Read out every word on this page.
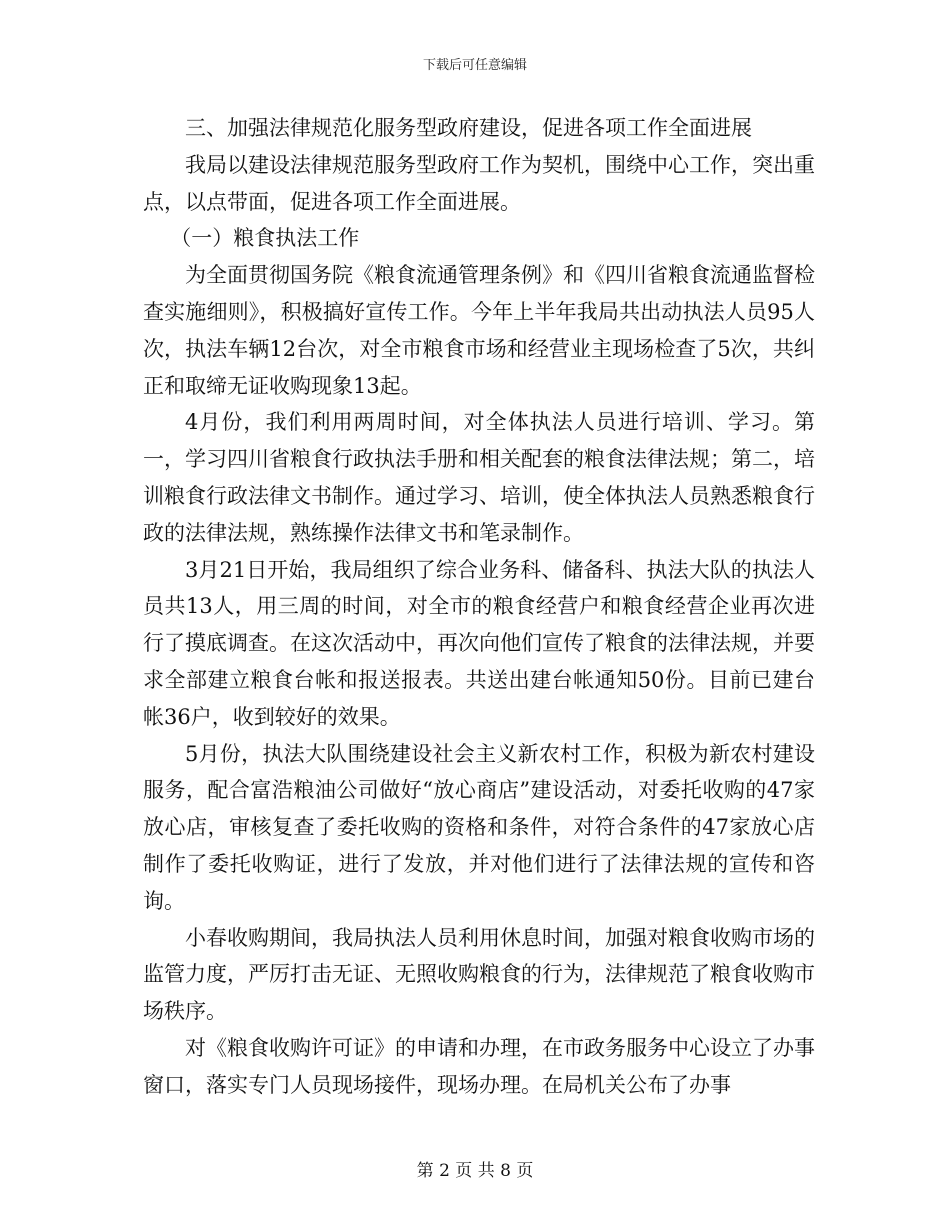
下载后可任意编辑

三、加强法律规范化服务型政府建设，促进各项工作全面进展

我局以建设法律规范服务型政府工作为契机，围绕中心工作，突出重点，以点带面，促进各项工作全面进展。

（一）粮食执法工作

为全面贯彻国务院《粮食流通管理条例》和《四川省粮食流通监督检查实施细则》，积极搞好宣传工作。今年上半年我局共出动执法人员95人次，执法车辆12台次，对全市粮食市场和经营业主现场检查了5次，共纠正和取缔无证收购现象13起。

4月份，我们利用两周时间，对全体执法人员进行培训、学习。第一，学习四川省粮食行政执法手册和相关配套的粮食法律法规；第二，培训粮食行政法律文书制作。通过学习、培训，使全体执法人员熟悉粮食行政的法律法规，熟练操作法律文书和笔录制作。

3月21日开始，我局组织了综合业务科、储备科、执法大队的执法人员共13人，用三周的时间，对全市的粮食经营户和粮食经营企业再次进行了摸底调查。在这次活动中，再次向他们宣传了粮食的法律法规，并要求全部建立粮食台帐和报送报表。共送出建台帐通知50份。目前已建台帐36户，收到较好的效果。

5月份，执法大队围绕建设社会主义新农村工作，积极为新农村建设服务，配合富浩粮油公司做好“放心商店”建设活动，对委托收购的47家放心店，审核复查了委托收购的资格和条件，对符合条件的47家放心店制作了委托收购证，进行了发放，并对他们进行了法律法规的宣传和咨询。

小春收购期间，我局执法人员利用休息时间，加强对粮食收购市场的监管力度，严厉打击无证、无照收购粮食的行为，法律规范了粮食收购市场秩序。

对《粮食收购许可证》的申请和办理，在市政务服务中心设立了办事窗口，落实专门人员现场接件，现场办理。在局机关公布了办事

第 2 页 共 8 页
